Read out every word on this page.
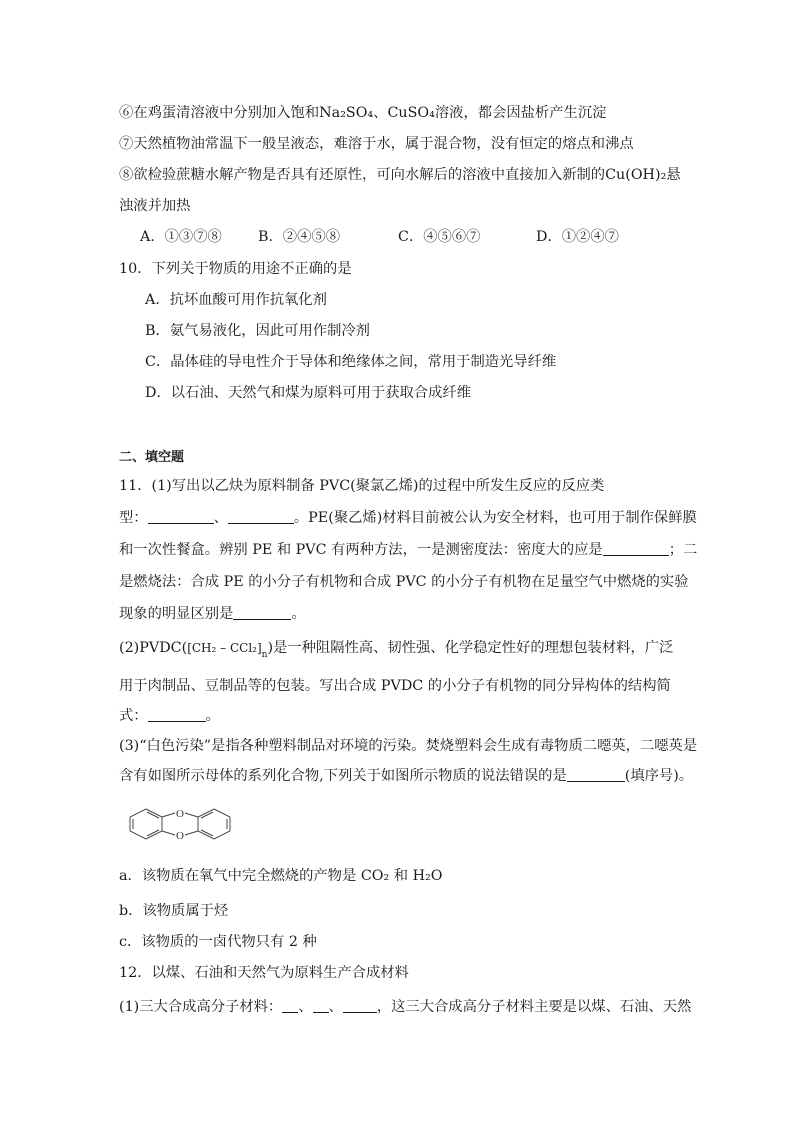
⑥在鸡蛋清溶液中分别加入饱和Na₂SO₄、CuSO₄溶液，都会因盐析产生沉淀
⑦天然植物油常温下一般呈液态，难溶于水，属于混合物，没有恒定的熔点和沸点
⑧欲检验蔗糖水解产物是否具有还原性，可向水解后的溶液中直接加入新制的Cu(OH)₂悬
浊液并加热
A．①③⑦⑧	B．②④⑤⑧	C．④⑤⑥⑦	D．①②④⑦
10．下列关于物质的用途不正确的是
A．抗坏血酸可用作抗氧化剂
B．氨气易液化，因此可用作制冷剂
C．晶体硅的导电性介于导体和绝缘体之间，常用于制造光导纤维
D．以石油、天然气和煤为原料可用于获取合成纤维
二、填空题
11．(1)写出以乙炔为原料制备 PVC(聚氯乙烯)的过程中所发生反应的反应类
型：	、	。PE(聚乙烯)材料目前被公认为安全材料，也可用于制作保鲜膜
和一次性餐盒。辨别 PE 和 PVC 有两种方法，一是测密度法：密度大的应是	；二
是燃烧法：合成 PE 的小分子有机物和合成 PVC 的小分子有机物在足量空气中燃烧的实验
现象的明显区别是	。
(2)PVDC([CH₂ – $CCl_2]_n$)是一种阻隔性高、韧性强、化学稳定性好的理想包装材料，广泛
用于肉制品、豆制品等的包装。写出合成 PVDC 的小分子有机物的同分异构体的结构简
式：	。
(3)“白色污染”是指各种塑料制品对环境的污染。焚烧塑料会生成有毒物质二噁英，二噁英是
含有如图所示母体的系列化合物,下列关于如图所示物质的说法错误的是	(填序号)。
O
O
a．该物质在氧气中完全燃烧的产物是 CO₂ 和 H₂O
b．该物质属于烃
c．该物质的一卤代物只有 2 种
12．以煤、石油和天然气为原料生产合成材料
(1)三大合成高分子材料： 、 、 ，这三大合成高分子材料主要是以煤、石油、天然
